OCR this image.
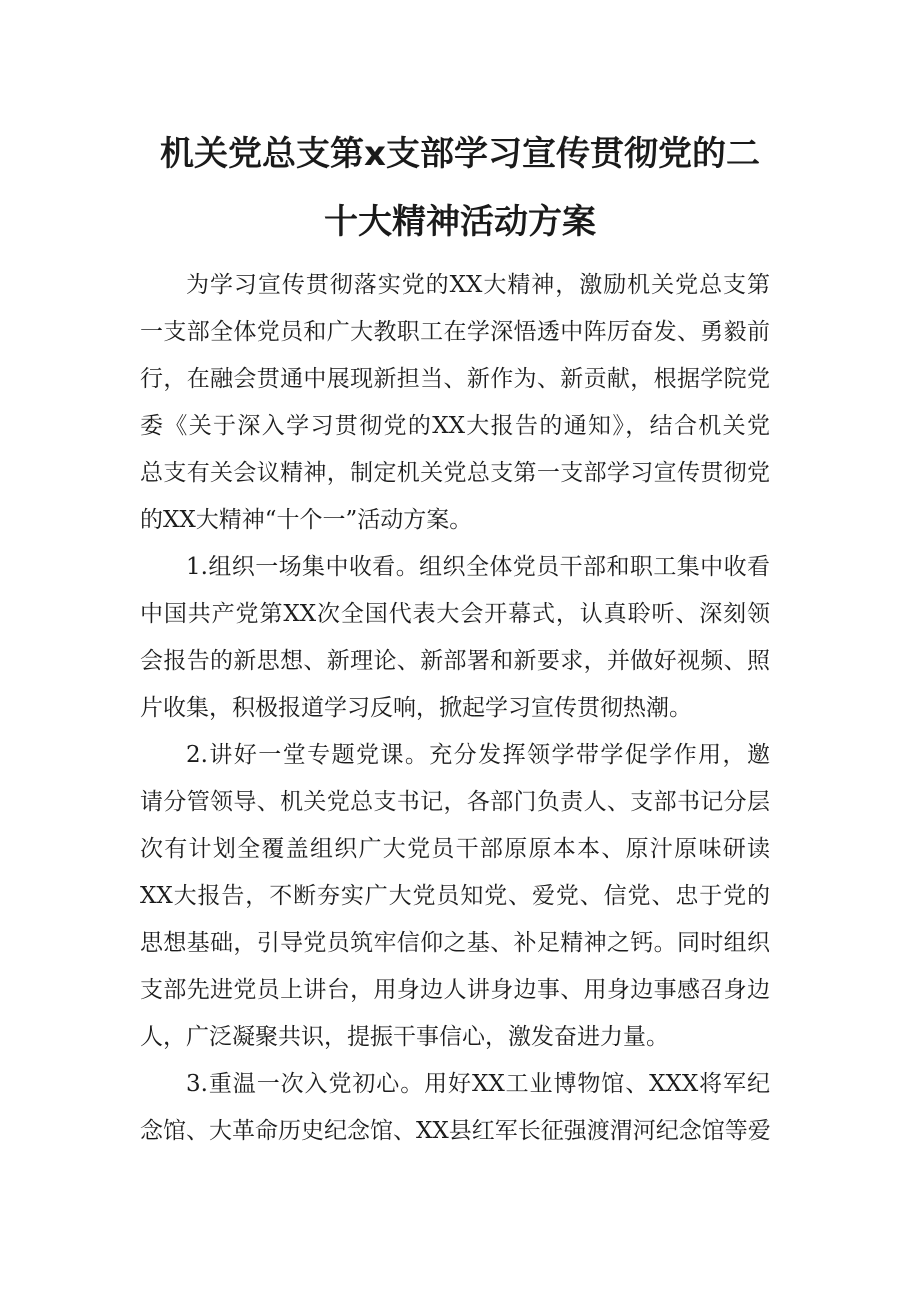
机关党总支第ⅹ支部学习宣传贯彻党的二
十大精神活动方案
为学习宣传贯彻落实党的XX大精神，激励机关党总支第
一支部全体党员和广大教职工在学深悟透中阵厉奋发、勇毅前
行，在融会贯通中展现新担当、新作为、新贡献，根据学院党
委《关于深入学习贯彻党的XX大报告的通知》，结合机关党
总支有关会议精神，制定机关党总支第一支部学习宣传贯彻党
的XX大精神“十个一”活动方案。
1.组织一场集中收看。组织全体党员干部和职工集中收看
中国共产党第XX次全国代表大会开幕式，认真聆听、深刻领
会报告的新思想、新理论、新部署和新要求，并做好视频、照
片收集，积极报道学习反响，掀起学习宣传贯彻热潮。
2.讲好一堂专题党课。充分发挥领学带学促学作用，邀
请分管领导、机关党总支书记，各部门负责人、支部书记分层
次有计划全覆盖组织广大党员干部原原本本、原汁原味研读
XX大报告，不断夯实广大党员知党、爱党、信党、忠于党的
思想基础，引导党员筑牢信仰之基、补足精神之钙。同时组织
支部先进党员上讲台，用身边人讲身边事、用身边事感召身边
人，广泛凝聚共识，提振干事信心，激发奋进力量。
3.重温一次入党初心。用好XX工业博物馆、XXX将军纪
念馆、大革命历史纪念馆、XX县红军长征强渡渭河纪念馆等爱
